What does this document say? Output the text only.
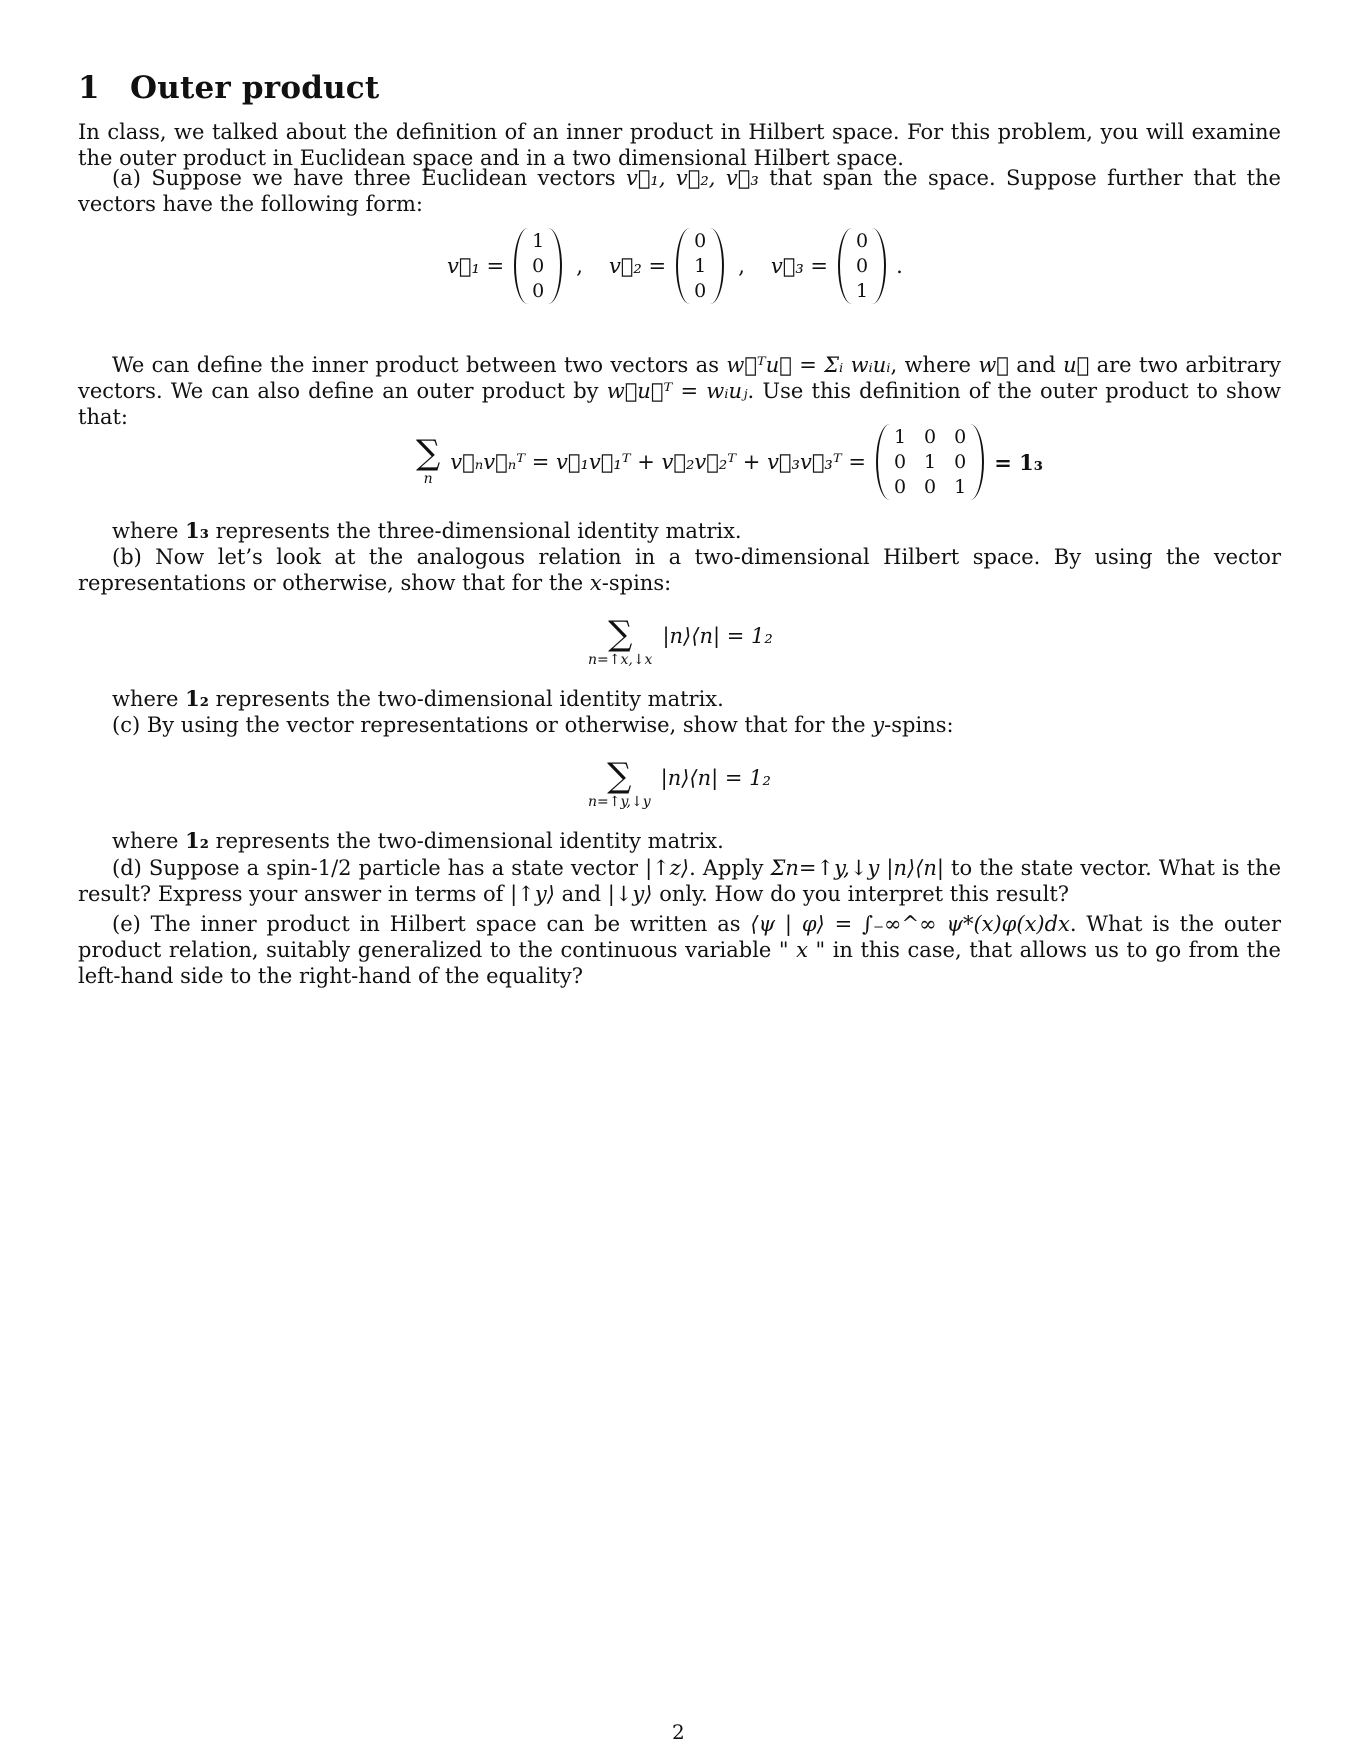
1 Outer product
In class, we talked about the definition of an inner product in Hilbert space. For this problem, you will examine the outer product in Euclidean space and in a two dimensional Hilbert space.
(a) Suppose we have three Euclidean vectors v⃗₁, v⃗₂, v⃗₃ that span the space. Suppose further that the vectors have the following form:
v⃗₁ =
1
0
0
, v⃗₂ =
0
1
0
, v⃗₃ =
0
0
1
.
We can define the inner product between two vectors as w⃗ᵀu⃗ = Σᵢ wᵢuᵢ, where w⃗ and u⃗ are two arbitrary vectors. We can also define an outer product by w⃗u⃗ᵀ = wᵢuⱼ. Use this definition of the outer product to show that:
∑
n
v⃗ₙv⃗ₙᵀ = v⃗₁v⃗₁ᵀ + v⃗₂v⃗₂ᵀ + v⃗₃v⃗₃ᵀ =
1 0 0
0 1 0
0 0 1
= 1₃
where 1₃ represents the three-dimensional identity matrix.
(b) Now let’s look at the analogous relation in a two-dimensional Hilbert space. By using the vector representations or otherwise, show that for the x-spins:
∑
n=↑x,↓x
|n⟩⟨n| = 1₂
where 1₂ represents the two-dimensional identity matrix.
(c) By using the vector representations or otherwise, show that for the y-spins:
∑
n=↑y,↓y
|n⟩⟨n| = 1₂
where 1₂ represents the two-dimensional identity matrix.
(d) Suppose a spin-1/2 particle has a state vector |↑z⟩. Apply Σn=↑y,↓y |n⟩⟨n| to the state vector. What is the result? Express your answer in terms of |↑y⟩ and |↓y⟩ only. How do you interpret this result?
(e) The inner product in Hilbert space can be written as ⟨ψ | φ⟩ = ∫₋∞^∞ ψ*(x)φ(x)dx. What is the outer product relation, suitably generalized to the continuous variable " x " in this case, that allows us to go from the left-hand side to the right-hand of the equality?
2
